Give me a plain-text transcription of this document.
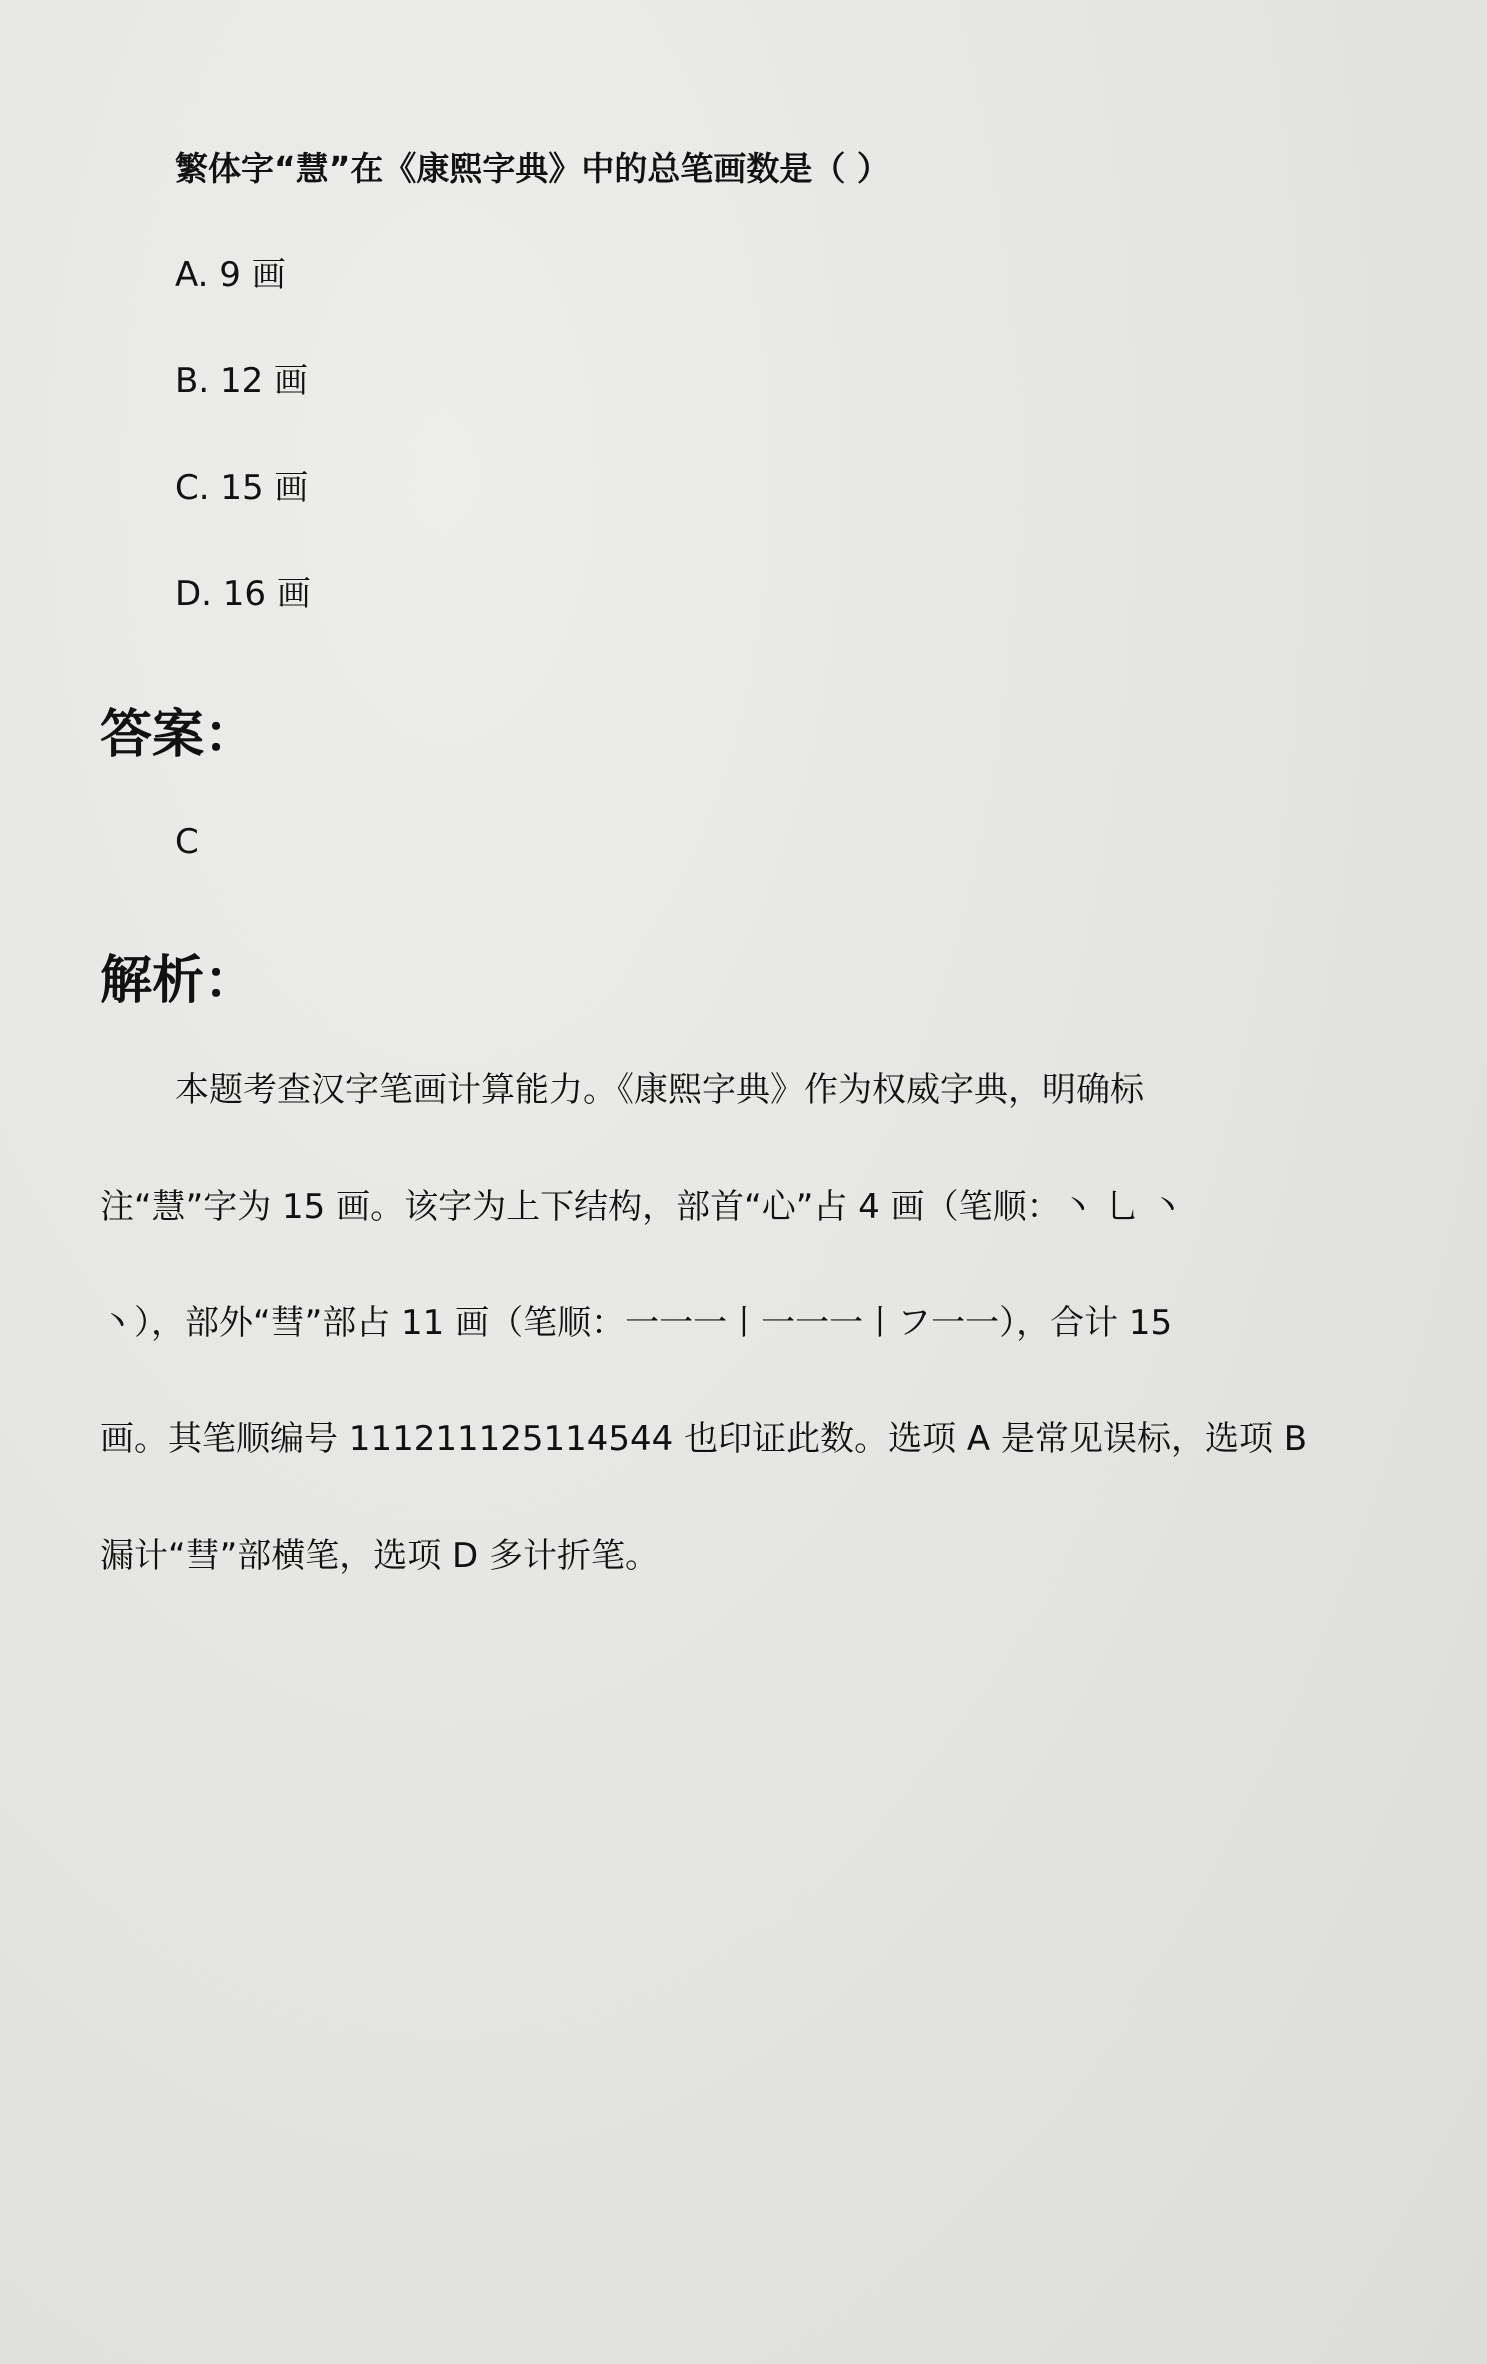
繁体字“慧”在《康熙字典》中的总笔画数是（ ）
A. 9 画
B. 12 画
C. 15 画
D. 16 画
答案：
C
解析：
本题考查汉字笔画计算能力。《康熙字典》作为权威字典，明确标
注“慧”字为 15 画。该字为上下结构，部首“心”占 4 画（笔顺：丶 乚 丶
丶），部外“彗”部占 11 画（笔顺：一一一丨一一一丨フ一一），合计 15
画。其笔顺编号 111211125114544 也印证此数。选项 A 是常见误标，选项 B
漏计“彗”部横笔，选项 D 多计折笔。
